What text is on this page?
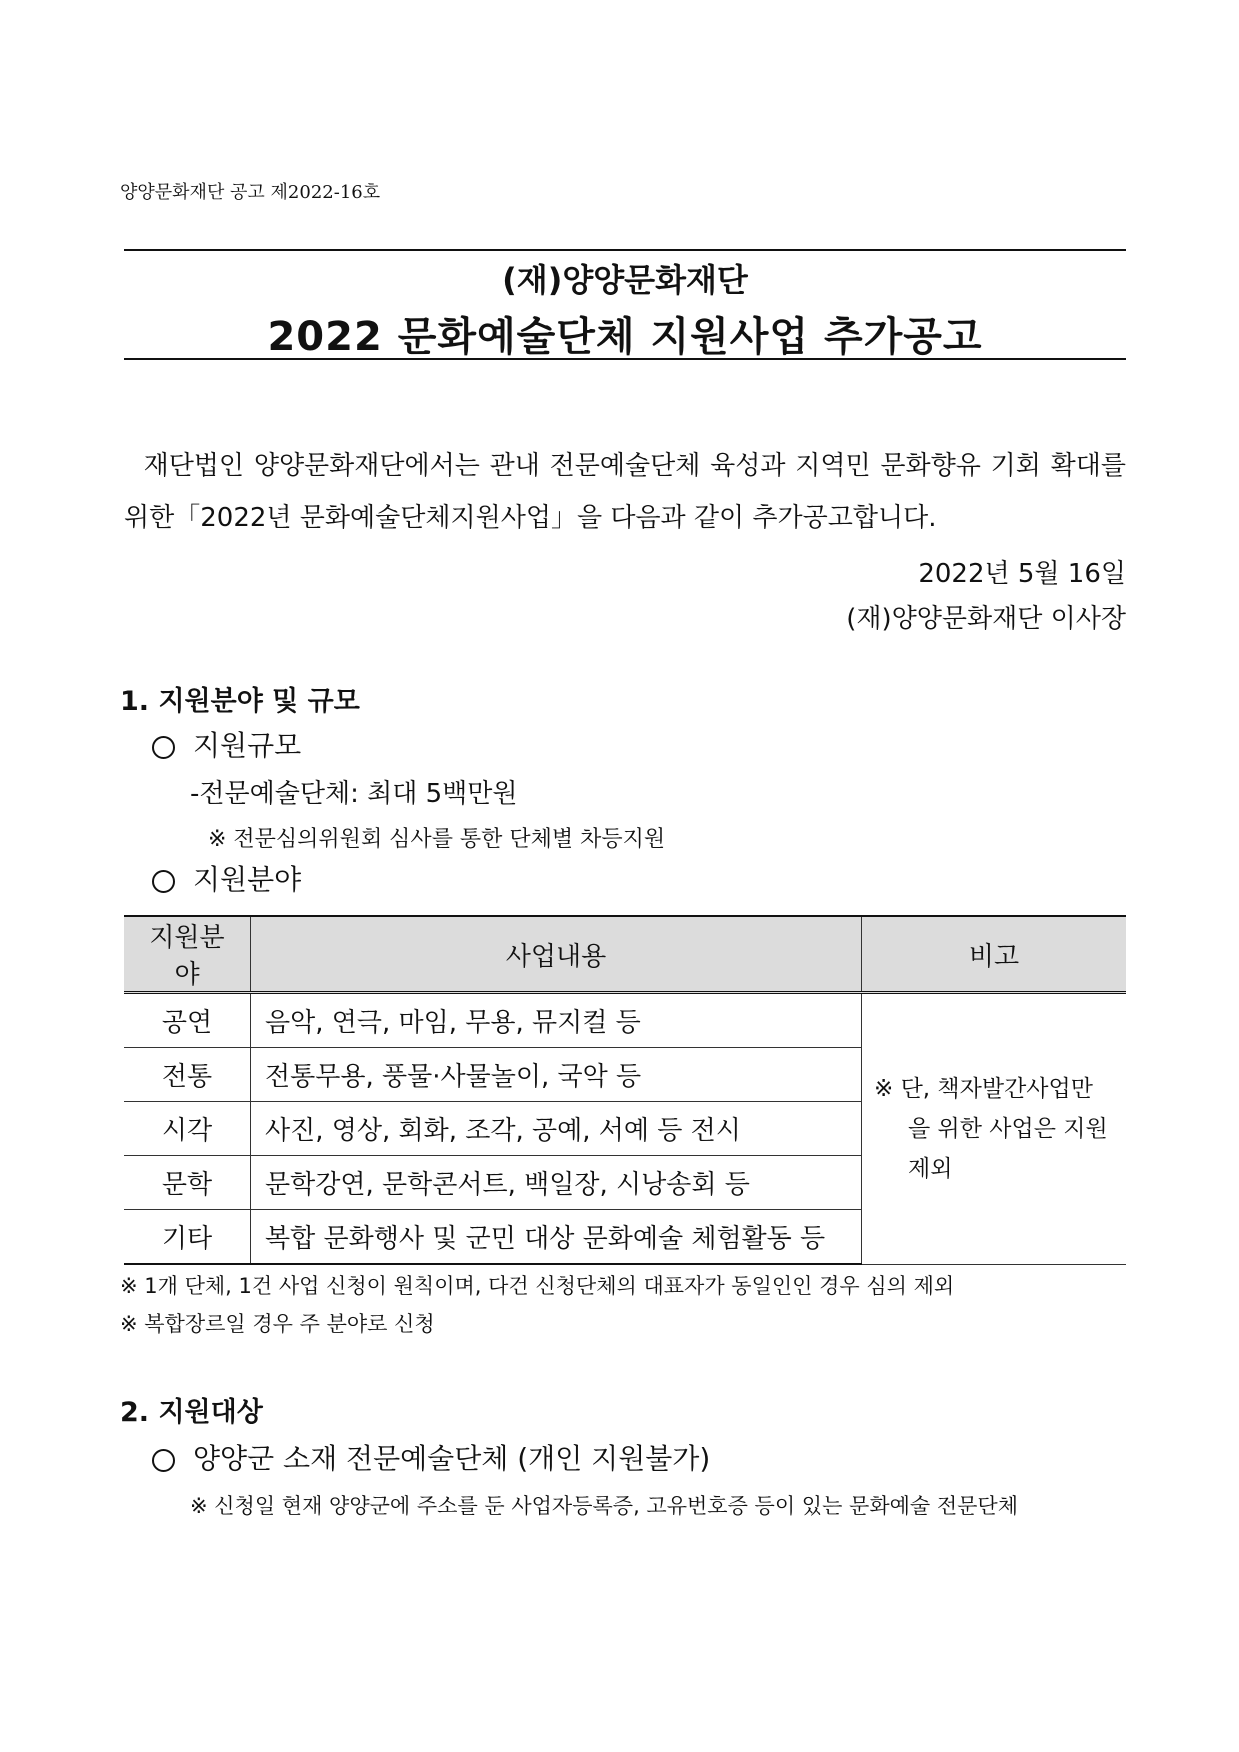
양양문화재단 공고 제2022-16호
(재)양양문화재단
2022 문화예술단체 지원사업 추가공고
재단법인 양양문화재단에서는 관내 전문예술단체 육성과 지역민 문화향유 기회 확대를 위한「2022년 문화예술단체지원사업」을 다음과 같이 추가공고합니다.
2022년 5월 16일
(재)양양문화재단 이사장
1. 지원분야 및 규모
지원규모
-전문예술단체: 최대 5백만원
※ 전문심의위원회 심사를 통한 단체별 차등지원
지원분야
지원분야	사업내용	비고
공연	음악, 연극, 마임, 무용, 뮤지컬 등	※ 단, 책자발간사업만을 위한 사업은 지원 제외

전통	전통무용, 풍물·사물놀이, 국악 등	
시각	사진, 영상, 회화, 조각, 공예, 서예 등 전시	
문학	문학강연, 문학콘서트, 백일장, 시낭송회 등	
기타	복합 문화행사 및 군민 대상 문화예술 체험활동 등	
※ 1개 단체, 1건 사업 신청이 원칙이며, 다건 신청단체의 대표자가 동일인인 경우 심의 제외
※ 복합장르일 경우 주 분야로 신청
2. 지원대상
양양군 소재 전문예술단체 (개인 지원불가)
※ 신청일 현재 양양군에 주소를 둔 사업자등록증, 고유번호증 등이 있는 문화예술 전문단체
